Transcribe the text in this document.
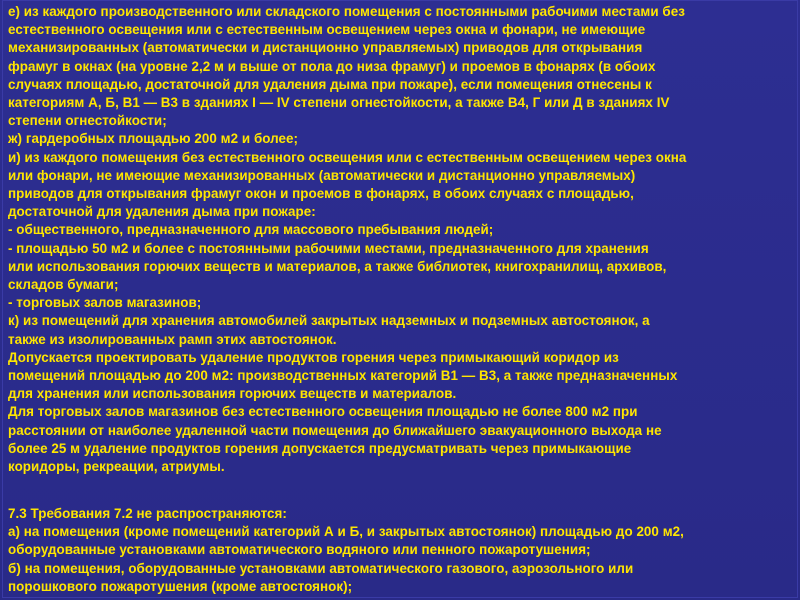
е) из каждого производственного или складского помещения с постоянными рабочими местами без
естественного освещения или с естественным освещением через окна и фонари, не имеющие
механизированных (автоматически и дистанционно управляемых) приводов для открывания
фрамуг в окнах (на уровне 2,2 м и выше от пола до низа фрамуг) и проемов в фонарях (в обоих
случаях площадью, достаточной для удаления дыма при пожаре), если помещения отнесены к
категориям А, Б, В1 — В3 в зданиях I — IV степени огнестойкости, а также В4, Г или Д в зданиях IV
степени огнестойкости;
ж) гардеробных площадью 200 м2 и более;
и) из каждого помещения без естественного освещения или с естественным освещением через окна
или фонари, не имеющие механизированных (автоматически и дистанционно управляемых)
приводов для открывания фрамуг окон и проемов в фонарях, в обоих случаях с площадью,
достаточной для удаления дыма при пожаре:
- общественного, предназначенного для массового пребывания людей;
- площадью 50 м2 и более с постоянными рабочими местами, предназначенного для хранения
или использования горючих веществ и материалов, а также библиотек, книгохранилищ, архивов,
складов бумаги;
- торговых залов магазинов;
к) из помещений для хранения автомобилей закрытых надземных и подземных автостоянок, а
также из изолированных рамп этих автостоянок.
Допускается проектировать удаление продуктов горения через примыкающий коридор из
помещений площадью до 200 м2: производственных категорий В1 — В3, а также предназначенных
для хранения или использования горючих веществ и материалов.
Для торговых залов магазинов без естественного освещения площадью не более 800 м2 при
расстоянии от наиболее удаленной части помещения до ближайшего эвакуационного выхода не
более 25 м удаление продуктов горения допускается предусматривать через примыкающие
коридоры, рекреации, атриумы.
7.3 Требования 7.2 не распространяются:
а) на помещения (кроме помещений категорий А и Б, и закрытых автостоянок) площадью до 200 м2,
оборудованные установками автоматического водяного или пенного пожаротушения;
б) на помещения, оборудованные установками автоматического газового, аэрозольного или
порошкового пожаротушения (кроме автостоянок);
